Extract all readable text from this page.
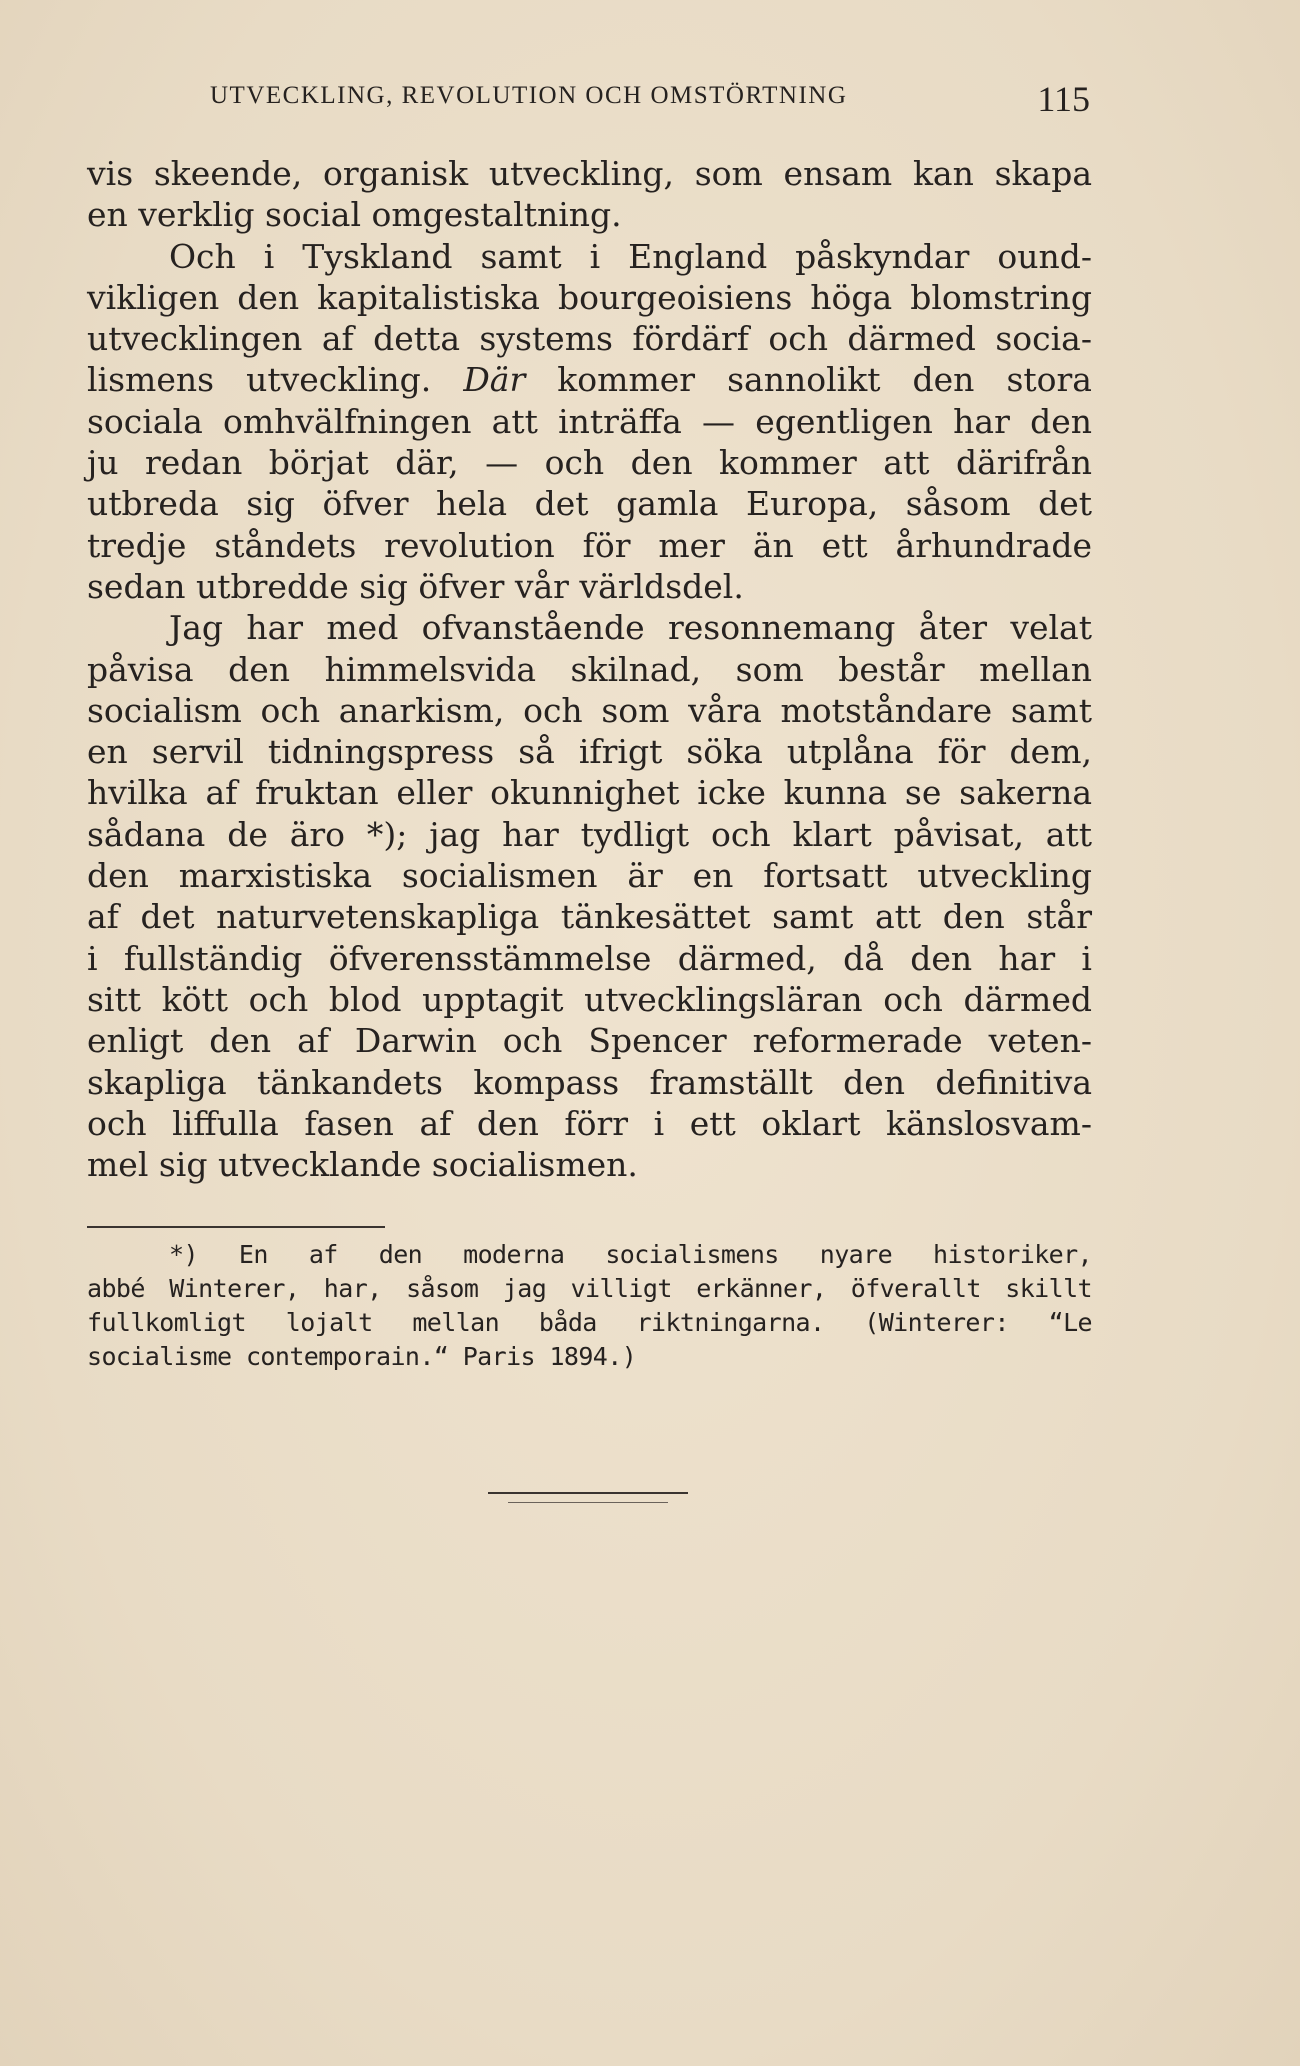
UTVECKLING, REVOLUTION OCH OMSTÖRTNING	115
vis skeende, organisk utveckling, som ensam kan skapa
en verklig social omgestaltning.
Och i Tyskland samt i England påskyndar ound-
vikligen den kapitalistiska bourgeoisiens höga blomstring
utvecklingen af detta systems fördärf och därmed socia-
lismens utveckling. Där kommer sannolikt den stora
sociala omhvälfningen att inträffa — egentligen har den
ju redan börjat där, — och den kommer att därifrån
utbreda sig öfver hela det gamla Europa, såsom det
tredje ståndets revolution för mer än ett århundrade
sedan utbredde sig öfver vår världsdel.
Jag har med ofvanstående resonnemang åter velat
påvisa den himmelsvida skilnad, som består mellan
socialism och anarkism, och som våra motståndare samt
en servil tidningspress så ifrigt söka utplåna för dem,
hvilka af fruktan eller okunnighet icke kunna se sakerna
sådana de äro *); jag har tydligt och klart påvisat, att
den marxistiska socialismen är en fortsatt utveckling
af det naturvetenskapliga tänkesättet samt att den står
i fullständig öfverensstämmelse därmed, då den har i
sitt kött och blod upptagit utvecklingsläran och därmed
enligt den af Darwin och Spencer reformerade veten-
skapliga tänkandets kompass framställt den definitiva
och liffulla fasen af den förr i ett oklart känslosvam-
mel sig utvecklande socialismen.
*) En af den moderna socialismens nyare historiker,
abbé Winterer, har, såsom jag villigt erkänner, öfverallt skillt
fullkomligt lojalt mellan båda riktningarna. (Winterer: “Le
socialisme contemporain.“ Paris 1894.)
